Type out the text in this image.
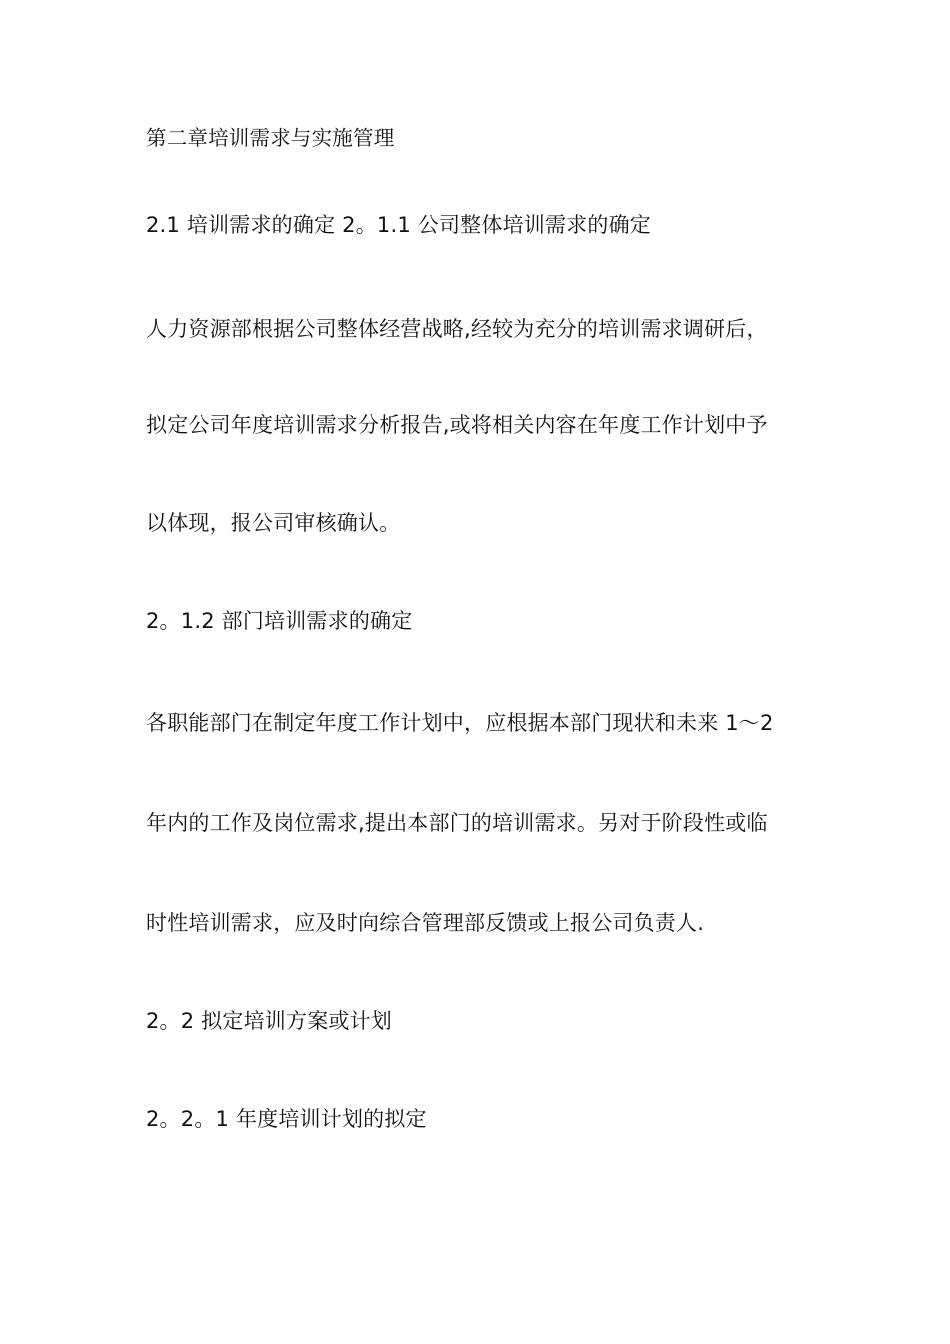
第二章培训需求与实施管理
2.1 培训需求的确定 2。1.1 公司整体培训需求的确定
人力资源部根据公司整体经营战略,经较为充分的培训需求调研后，
拟定公司年度培训需求分析报告,或将相关内容在年度工作计划中予
以体现，报公司审核确认。
2。1.2 部门培训需求的确定
各职能部门在制定年度工作计划中，应根据本部门现状和未来 1～2
年内的工作及岗位需求,提出本部门的培训需求。另对于阶段性或临
时性培训需求，应及时向综合管理部反馈或上报公司负责人.
2。2 拟定培训方案或计划
2。2。1 年度培训计划的拟定
